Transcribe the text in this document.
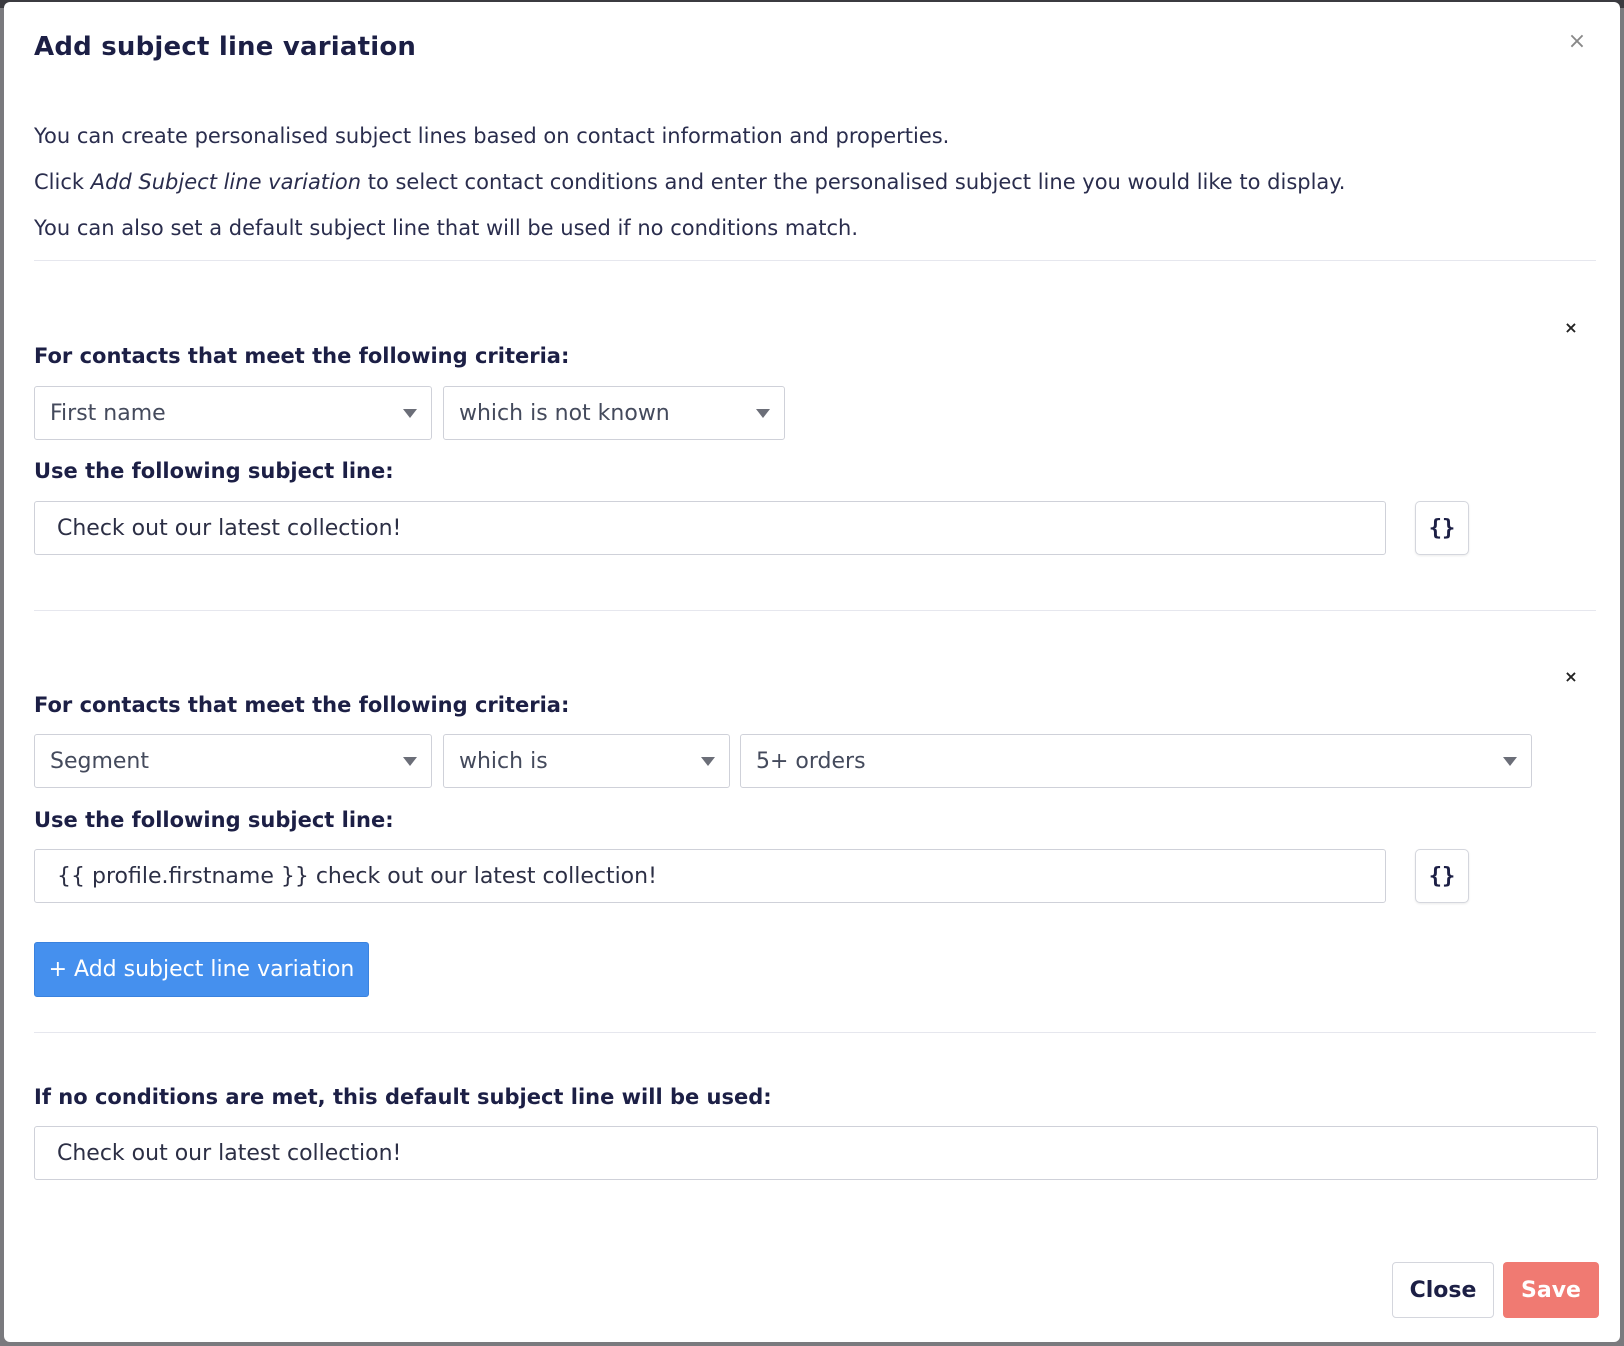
Add subject line variation	×

You can create personalised subject lines based on contact information and properties.

Click Add Subject line variation to select contact conditions and enter the personalised subject line you would like to display.

You can also set a default subject line that will be used if no conditions match.

×
For contacts that meet the following criteria:
First name	which is not known
Use the following subject line:
Check out our latest collection!	{}
×
For contacts that meet the following criteria:
Segment	which is	5+ orders
Use the following subject line:
{{ profile.firstname }} check out our latest collection!	{}
+ Add subject line variation
If no conditions are met, this default subject line will be used:
Check out our latest collection!
Close	Save
